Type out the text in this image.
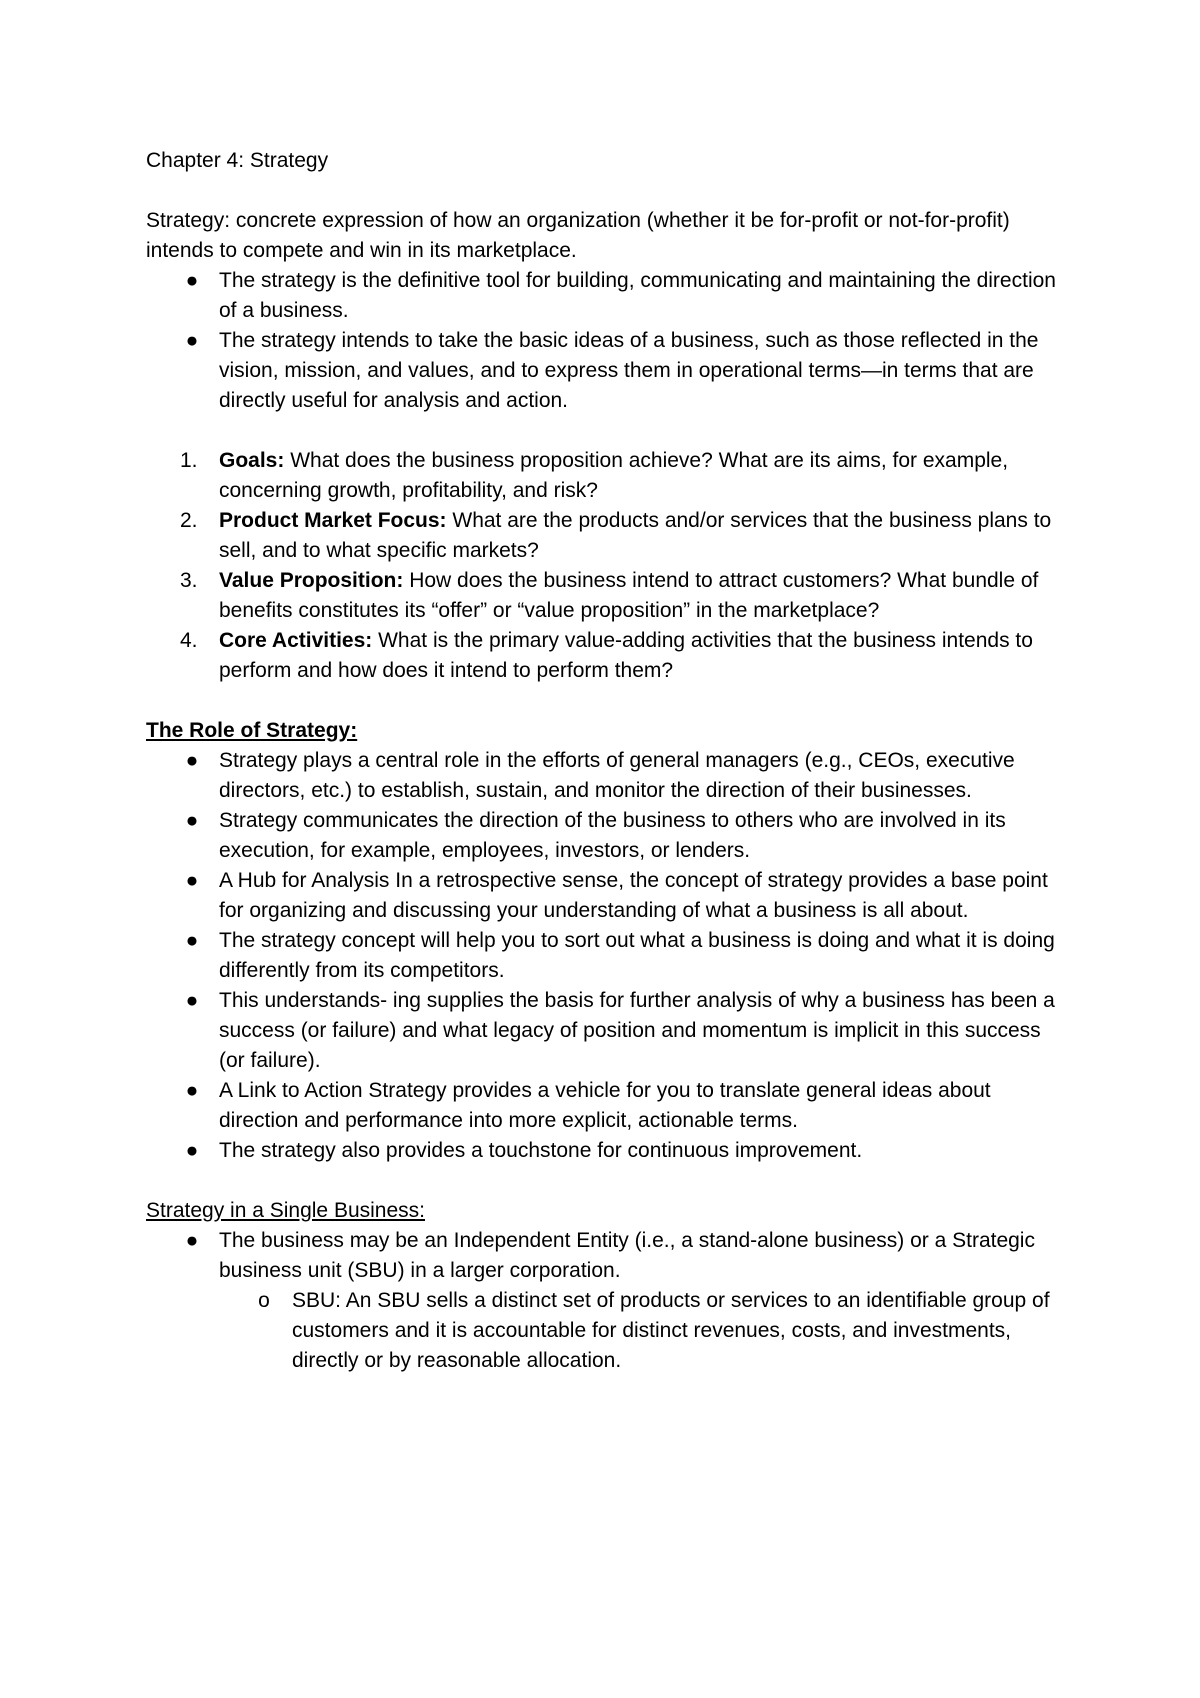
Chapter 4: Strategy

Strategy: concrete expression of how an organization (whether it be for-profit or not-for-profit) intends to compete and win in its marketplace.

● The strategy is the definitive tool for building, communicating and maintaining the direction of a business.
● The strategy intends to take the basic ideas of a business, such as those reflected in the vision, mission, and values, and to express them in operational terms—in terms that are directly useful for analysis and action.
1.	Goals: What does the business proposition achieve? What are its aims, for example, concerning growth, profitability, and risk?
2.	Product Market Focus: What are the products and/or services that the business plans to sell, and to what specific markets?
3.	Value Proposition: How does the business intend to attract customers? What bundle of benefits constitutes its “offer” or “value proposition” in the marketplace?
4.	Core Activities: What is the primary value-adding activities that the business intends to perform and how does it intend to perform them?

The Role of Strategy:

● Strategy plays a central role in the efforts of general managers (e.g., CEOs, executive directors, etc.) to establish, sustain, and monitor the direction of their businesses.
● Strategy communicates the direction of the business to others who are involved in its execution, for example, employees, investors, or lenders.
● A Hub for Analysis In a retrospective sense, the concept of strategy provides a base point for organizing and discussing your understanding of what a business is all about.
● The strategy concept will help you to sort out what a business is doing and what it is doing differently from its competitors.
● This understands- ing supplies the basis for further analysis of why a business has been a success (or failure) and what legacy of position and momentum is implicit in this success (or failure).
● A Link to Action Strategy provides a vehicle for you to translate general ideas about direction and performance into more explicit, actionable terms.
● The strategy also provides a touchstone for continuous improvement.

Strategy in a Single Business:

● The business may be an Independent Entity (i.e., a stand-alone business) or a Strategic business unit (SBU) in a larger corporation.
o SBU: An SBU sells a distinct set of products or services to an identifiable group of customers and it is accountable for distinct revenues, costs, and investments, directly or by reasonable allocation.
